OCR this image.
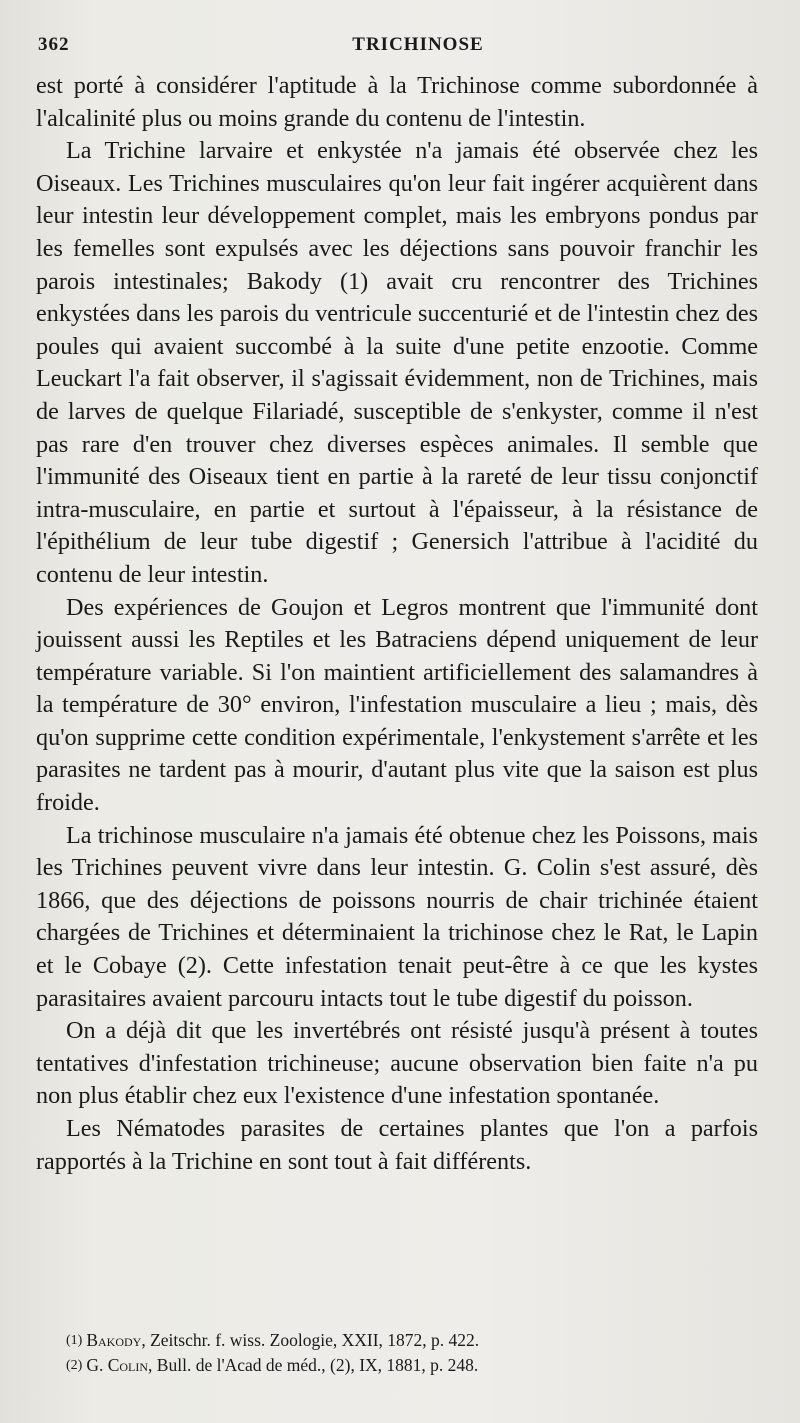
362	TRICHINOSE

est porté à considérer l'aptitude à la Trichinose comme subordonnée à l'alcalinité plus ou moins grande du contenu de l'intestin.

La Trichine larvaire et enkystée n'a jamais été observée chez les Oiseaux. Les Trichines musculaires qu'on leur fait ingérer acquièrent dans leur intestin leur développement complet, mais les embryons pondus par les femelles sont expulsés avec les déjections sans pouvoir franchir les parois intestinales; Bakody (1) avait cru rencontrer des Trichines enkystées dans les parois du ventricule succenturié et de l'intestin chez des poules qui avaient succombé à la suite d'une petite enzootie. Comme Leuckart l'a fait observer, il s'agissait évidemment, non de Trichines, mais de larves de quelque Filariadé, susceptible de s'enkyster, comme il n'est pas rare d'en trouver chez diverses espèces animales. Il semble que l'immunité des Oiseaux tient en partie à la rareté de leur tissu conjonctif intra-musculaire, en partie et surtout à l'épaisseur, à la résistance de l'épithélium de leur tube digestif ; Genersich l'attribue à l'acidité du contenu de leur intestin.

Des expériences de Goujon et Legros montrent que l'immunité dont jouissent aussi les Reptiles et les Batraciens dépend uniquement de leur température variable. Si l'on maintient artificiellement des salamandres à la température de 30° environ, l'infestation musculaire a lieu ; mais, dès qu'on supprime cette condition expérimentale, l'enkystement s'arrête et les parasites ne tardent pas à mourir, d'autant plus vite que la saison est plus froide.

La trichinose musculaire n'a jamais été obtenue chez les Poissons, mais les Trichines peuvent vivre dans leur intestin. G. Colin s'est assuré, dès 1866, que des déjections de poissons nourris de chair trichinée étaient chargées de Trichines et déterminaient la trichinose chez le Rat, le Lapin et le Cobaye (2). Cette infestation tenait peut-être à ce que les kystes parasitaires avaient parcouru intacts tout le tube digestif du poisson.

On a déjà dit que les invertébrés ont résisté jusqu'à présent à toutes tentatives d'infestation trichineuse; aucune observation bien faite n'a pu non plus établir chez eux l'existence d'une infestation spontanée.

Les Nématodes parasites de certaines plantes que l'on a parfois rapportés à la Trichine en sont tout à fait différents.

(1) Bakody, Zeitschr. f. wiss. Zoologie, XXII, 1872, p. 422.

(2) G. Colin, Bull. de l'Acad de méd., (2), IX, 1881, p. 248.
